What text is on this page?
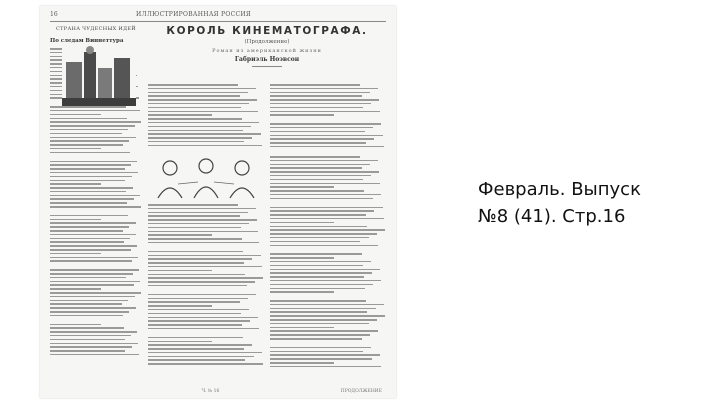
16	ИЛЛЮСТРИРОВАННАЯ РОССИЯ
СТРАНА ЧУДЕСНЫХ ИДЕЙ
По следам Виннеттура
КОРОЛЬ КИНЕМАТОГРАФА.
(Продолжение)
Роман из американской жизни
Габриэль Ноэвсон
Ч. № 16	ПРОДОЛЖЕНИЕ
Февраль. Выпуск
№8 (41). Стр.16
